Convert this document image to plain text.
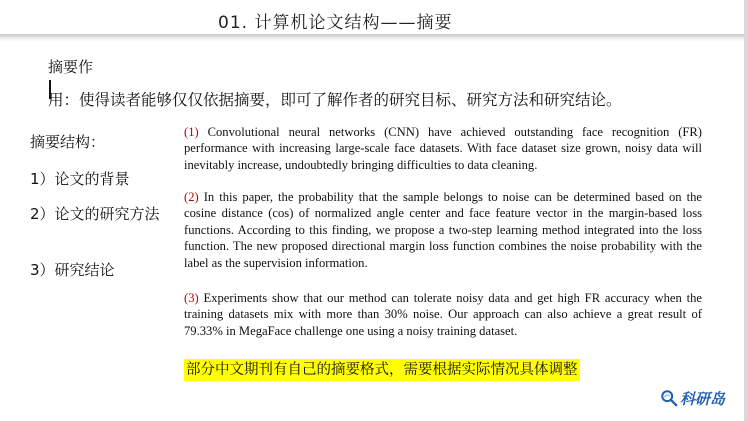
01. 计算机论文结构——摘要
摘要作
用：使得读者能够仅仅依据摘要，即可了解作者的研究目标、研究方法和研究结论。
摘要结构：
1）论文的背景
2）论文的研究方法
3）研究结论
(1) Convolutional neural networks (CNN) have achieved outstanding face recognition (FR) performance with increasing large-scale face datasets. With face dataset size grown, noisy data will inevitably increase, undoubtedly bringing difficulties to data cleaning.
(2) In this paper, the probability that the sample belongs to noise can be determined based on the cosine distance (cos) of normalized angle center and face feature vector in the margin-based loss functions. According to this finding, we propose a two-step learning method integrated into the loss function. The new proposed directional margin loss function combines the noise probability with the label as the supervision information.
(3) Experiments show that our method can tolerate noisy data and get high FR accuracy when the training datasets mix with more than 30% noise. Our approach can also achieve a great result of 79.33% in MegaFace challenge one using a noisy training dataset.
部分中文期刊有自己的摘要格式，需要根据实际情况具体调整
科研岛
